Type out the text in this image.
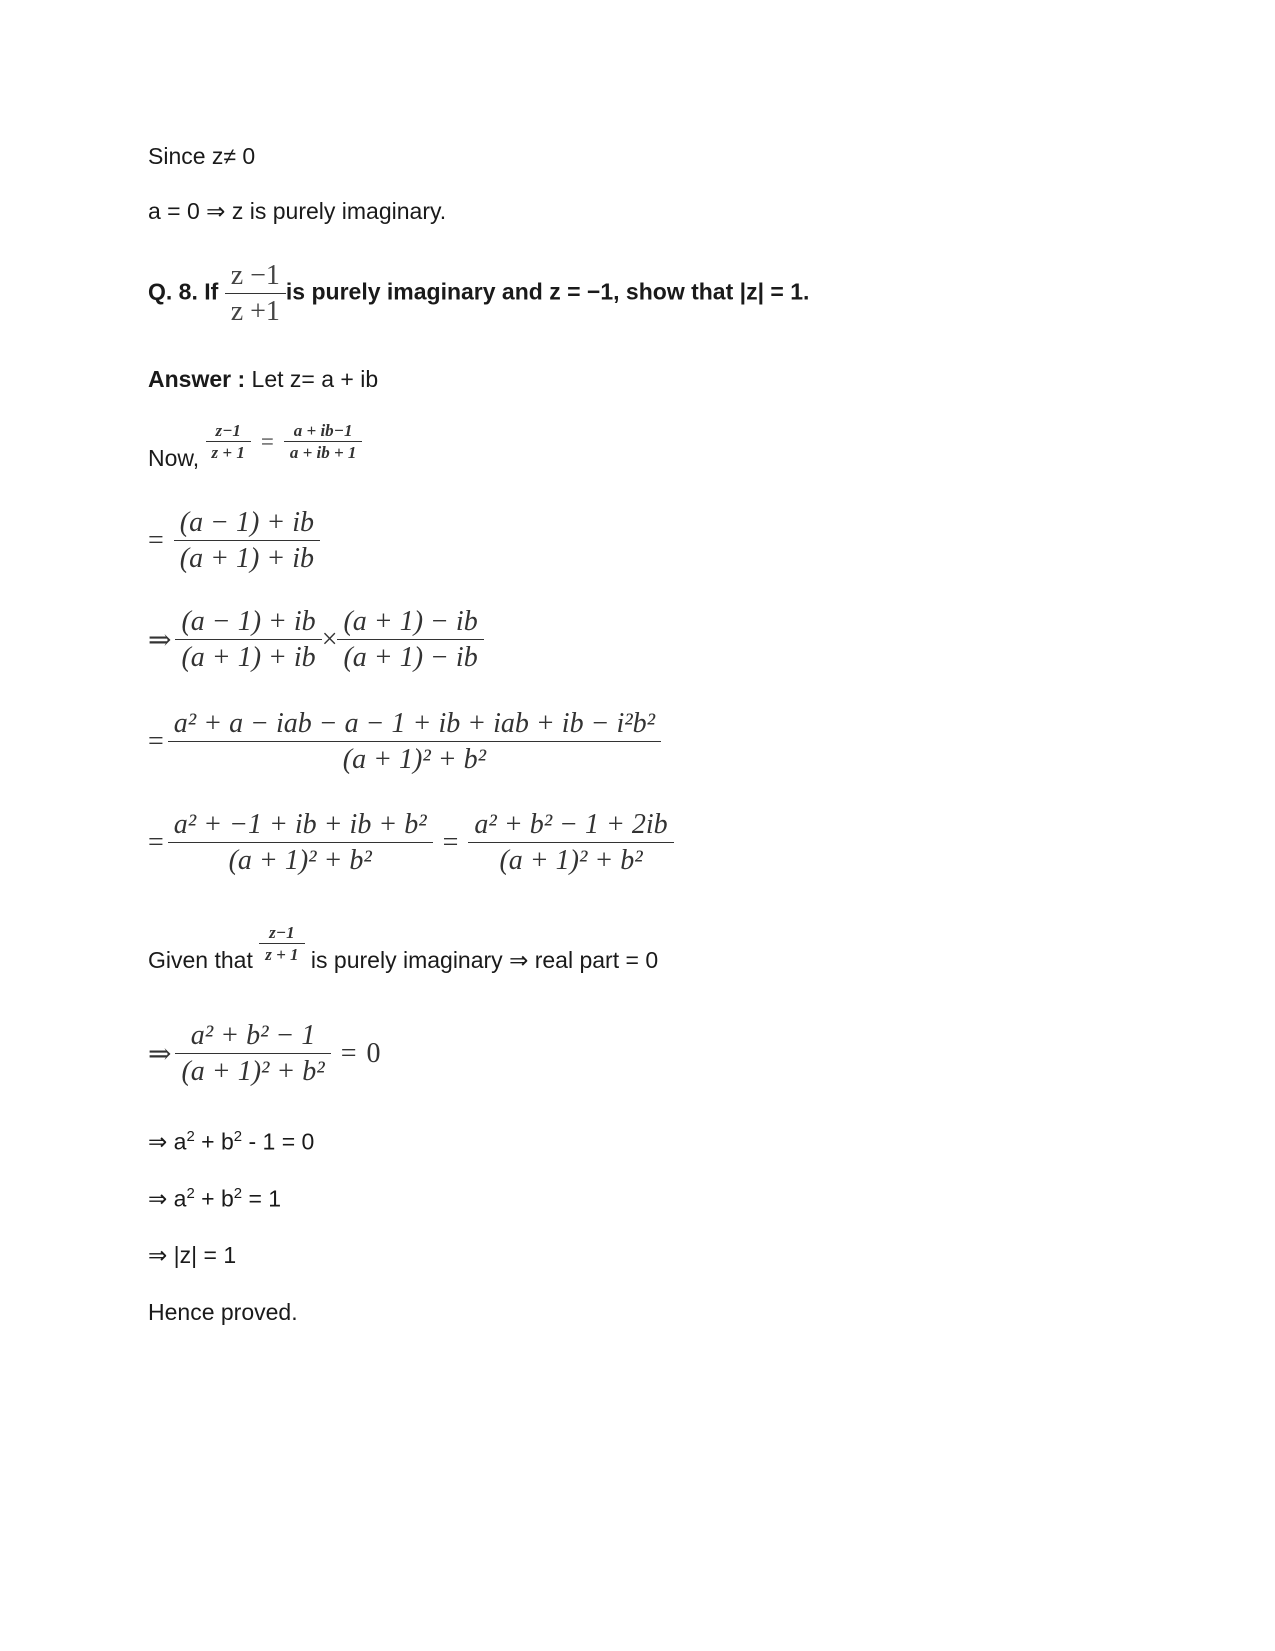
Since z≠ 0
a = 0 ⇒ z is purely imaginary.
Q. 8. If $\frac{z -1}{z +1}$ is purely imaginary and z = −1, show that |z| = 1.
Answer : Let z= a + ib
Now, $\frac{z-1}{z + 1} = \frac{a + ib-1}{a + ib + 1}$
= $\frac{(a - 1) + ib}{(a + 1) + ib}$
⇒ $\frac{(a - 1) + ib}{(a + 1) + ib} \times \frac{(a + 1) - ib}{(a + 1) - ib}$
= $\frac{\text{a² + a − iab − a − 1 + ib + iab + ib − i²b²}}{\text{(a + 1)² + b²}}$
= $\frac{\text{a² + −1 + ib + ib + b²}}{\text{(a + 1)² + b²}} = \frac{\text{a² + b² − 1 + 2ib}}{\text{(a + 1)² + b²}}$
Given that $\frac{z-1}{z + 1}$ is purely imaginary ⇒ real part = 0
⇒ $\frac{\text{a² + b² − 1}}{\text{(a + 1)² + b²}} = 0$
⇒ $a^2 + b^2 - 1 = 0$
⇒ $a^2 + b^2 = 1$
⇒ |z| = 1
Hence proved.
